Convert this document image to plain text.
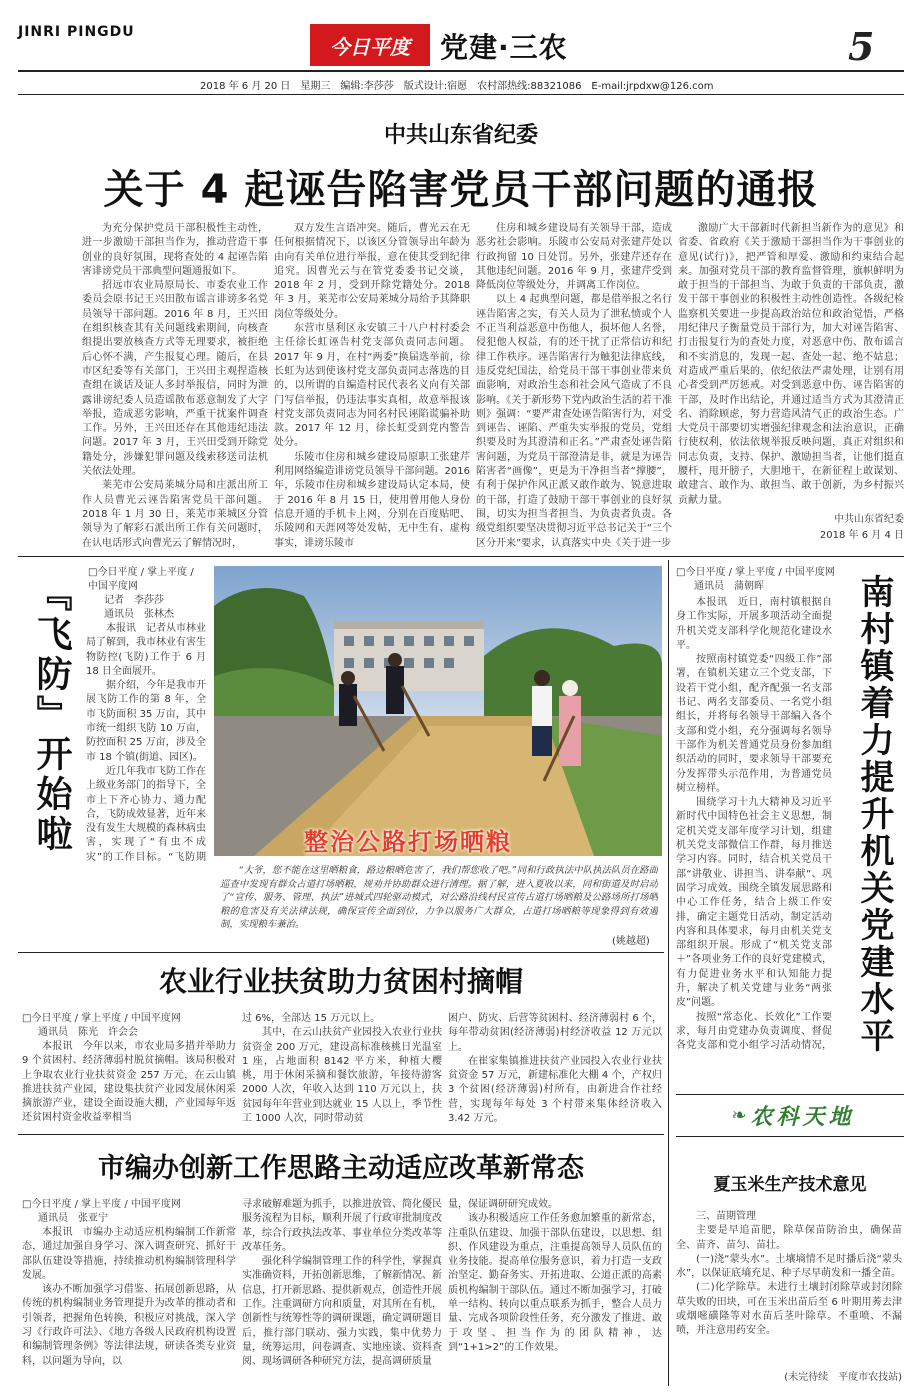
JINRI PINGDU
今日平度 党建·三农	5
2018 年 6 月 20 日　星期三　编辑:李莎莎　版式设计:宿愿　农村部热线:88321086　E-mail:jrpdxw@126.com
中共山东省纪委
关于 4 起诬告陷害党员干部问题的通报

为充分保护党员干部积极性主动性，进一步激励干部担当作为，推动营造干事创业的良好氛围，现将查处的 4 起诬告陷害诽谤党员干部典型问题通报如下。

招远市农业局原局长、市委农业工作委员会原书记王兴田散布谣言诽谤多名党员领导干部问题。2016 年 8 月，王兴田在组织核查其有关问题线索期间，向核查组提出要放核查方式等无理要求，被拒绝后心怀不满，产生报复心理。随后，在县市区纪委等有关部门，王兴田主观捏造核查组在谈话及证人多封举报信，同时为泄露诽谤纪委人员造谣散布恶意制发了大字举报，造成恶劣影响，严重干扰案件调查工作。另外，王兴田还存在其他违纪违法问题。2017 年 3 月，王兴田受到开除党籍处分，涉嫌犯罪问题及线索移送司法机关依法处理。

莱芜市公安局莱城分局和庄派出所工作人员曹光云诬告陷害党员干部问题。2018 年 1 月 30 日，莱芜市莱城区分管领导为了解彩石派出所工作有关问题时，在认电话形式向曹光云了解情况时，

双方发生言语冲突。随后，曹光云在无任何根据情况下，以该区分管领导出年龄为由向有关单位进行举报，意在使其受到纪律追究。因曹光云与在管党委委书记交谈，2018 年 2 月，受到开除党籍处分。2018 年 3 月，莱芜市公安局莱城分局给予其降职岗位等级处分。

东营市垦利区永安镇三十八户村村委会主任徐长虹诬告村党支部负责同志问题。2017 年 9 月，在村“两委”换届选举前，徐长虹为达到使该村党支部负责同志落选的目的，以所谓的自编造村民代表名义向有关部门写信举报，仍违法事实真相，故意举报该村党支部负责同志为同名村民诬陷谎骗补助款。2017 年 12 月，徐长虹受到党内警告处分。

乐陵市住房和城乡建设局原职工张建芹利用网络编造诽谤党员领导干部问题。2016 年，乐陵市住房和城乡建设局认定本局，使于 2016 年 8 月 15 日，使用曾用他人身份信息开通的手机卡上网，分别在百度贴吧、乐陵网和天涯网等处发帖，无中生有、虚构事实，诽谤乐陵市

住房和城乡建设局有关领导干部，造成恶劣社会影响。乐陵市公安局对张建芹处以行政拘留 10 日处罚。另外，张建芹还存在其他违纪问题。2016 年 9 月，张建芹受到降低岗位等级处分，并调离工作岗位。

以上 4 起典型问题，都是借举报之名行诬告陷害之实，有关人员为了泄私愤或个人不正当利益恶意中伤他人，损坏他人名誉，侵犯他人权益，有的还干扰了正常信访和纪律工作秩序。诬告陷害行为触犯法律底线，违反党纪国法，给党员干部干事创业带来负面影响，对政治生态和社会风气造成了不良影响。《关于新形势下党内政治生活的若干准则》强调：“要严肃查处诬告陷害行为，对受到诬告、诬陷、严重失实举报的党员，党组织要及时为其澄清和正名。”严肃查处诬告陷害问题，为党员干部澄清是非，就是为诬告陷害者“画像”，更是为干净担当者“撑腰”，有利于保护作风正派又敢作敢为、锐意进取的干部，打造了鼓励干部干事创业的良好氛围，切实为担当者担当、为负责者负责。各级党组织要坚决贯彻习近平总书记关于“三个区分开来”要求，认真落实中央《关于进一步

激励广大干部新时代新担当新作为的意见》和省委、省政府《关于激励干部担当作为干事创业的意见(试行)》，把严管和厚爱、激励和约束结合起来。加强对党员干部的教育监督管理，旗帜鲜明为敢于担当的干部担当、为敢于负责的干部负责，激发干部干事创业的积极性主动性创造性。各级纪检监察机关要进一步提高政治站位和政治觉悟，严格用纪律尺子衡量党员干部行为，加大对诬告陷害、打击报复行为的查处力度，对恶意中伤、散布谣言和不实消息的，发现一起、查处一起、绝不姑息；对造成严重后果的，依纪依法严肃处理，让别有用心者受到严厉惩戒。对受到恶意中伤、诬告陷害的干部，及时作出结论，并通过适当方式为其澄清正名、消除顾虑，努力营造风清气正的政治生态。广大党员干部要切实增强纪律观念和法治意识，正确行使权利，依法依规举报反映问题，真正对组织和同志负责，支持、保护、激励担当者，让他们挺直腰杆，甩开膀子，大胆地干，在新征程上敢谋划、敢建言、敢作为、敢担当、敢于创新，为乡村振兴贡献力量。

中共山东省纪委
2018 年 6 月 4 日
『飞防』开始啦
□今日平度 / 掌上平度 / 中国平度网
记者　李莎莎
通讯员　张林杰

本报讯　记者从市林业局了解到，我市林业有害生物防控(飞防)工作于 6 月 18 日全面展开。

据介绍，今年是我市开展飞防工作的第 8 年，全市飞防面积 35 万亩，其中市统一组织飞防 10 万亩，防控面积 25 万亩，涉及全市 18 个镇(街道、园区)。

近几年我市飞防工作在上级业务部门的指导下，全市上下齐心协力、通力配合，飞防成效显著，近年来没有发生大规模的森林病虫害，实现了“有虫不成灾”的工作目标。“飞防期

整治公路打场晒粮
“大爷，您不能在这里晒粮食，路边粮晒危害了，我们帮您收了吧。”同和行政执法中队执法队员在路面巡查中发现有群众占道打场晒粮，规劝并协助群众进行清理。据了解，进入夏收以来，同和街道及时启动了“宣传、服务、管理、执法”进城式四轮驱动模式，对公路沿线村民宣传占道打场晒粮及公路场所打场晒粮的危害及有关法律法规，确保宣传全面到位，力争以服务广大群众，占道打场晒粮等现象得到有效遏制，实现粮车兼治。
(姚越超)
□今日平度 / 掌上平度 / 中国平度网
通讯员　蒲朝晖

本报讯　近日，南村镇根据自身工作实际，开展多项活动全面提升机关党支部科学化规范化建设水平。

按照南村镇党委“四级工作”部署，在镇机关建立三个党支部，下设若干党小组，配齐配强一名支部书记、两名支部委员、一名党小组组长，并将每名领导干部编入各个支部和党小组，充分强调每名领导干部作为机关普通党员身份参加组织活动的同时，要求领导干部要充分发挥带头示范作用，为普通党员树立榜样。

围绕学习十九大精神及习近平新时代中国特色社会主义思想，制定机关党支部年度学习计划，组建机关党支部微信工作群，每月推送学习内容。同时，结合机关党员干部“讲敬业、讲担当、讲奉献”、巩固学习成效。围绕全镇发展思路和中心工作任务，结合上级工作安排，确定主题党日活动，制定活动内容和具体要求，每月由机关党支部组织开展。形成了“机关党支部＋”各项业务工作的良好党建模式，有力促进业务水平和认知能力提升，解决了机关党建与业务“两张皮”问题。

按照“常态化、长效化”工作要求，每月由党建办负责调度、督促各党支部和党小组学习活动情况， 南村镇着力提升机关党建水平
农业行业扶贫助力贫困村摘帽
□今日平度 / 掌上平度 / 中国平度网
通讯员　陈光　许会会

本报讯　今年以来，市农业局多措并举助力 9 个贫困村、经济薄弱村脱贫摘帽。该局积极对上争取农业行业扶贫资金 257 万元，在云山镇推进扶贫产业园，建设集扶贫产业园发展休闲采摘旅游产业，建设全面设施大棚，产业园每年返还贫困村资金收益率相当

过 6%，全部达 15 万元以上。

其中，在云山扶贫产业园投入农业行业扶贫资金 200 万元，建设高标准核桃日光温室 1 座，占地面积 8142 平方米，种植大樱桃，用于休闲采摘和餐饮旅游，年接待游客 2000 人次，年收入达到 110 万元以上，扶贫园每年年营业到达就业 15 人以上，季节性工 1000 人次，同时带动贫

困户、防灾、后营等贫困村、经济薄弱村 6 个，每年带动贫困(经济薄弱)村经济收益 12 万元以上。

在崔家集镇推进扶贫产业园投入农业行业扶贫资金 57 万元，新建标准化大棚 4 个，产权归 3 个贫困(经济薄弱)村所有，由新进合作社经营，实现每年每处 3 个村带来集体经济收入 3.42 万元。

市编办创新工作思路主动适应改革新常态
□今日平度 / 掌上平度 / 中国平度网
通讯员　张亚宁

本报讯　市编办主动适应机构编制工作新常态，通过加强自身学习、深入调查研究、抓好干部队伍建设等措施，持续推动机构编制管理科学发展。

该办不断加强学习借鉴、拓展创新思路，从传统的机构编制业务管理提升为改革的推动者和引领者，把握角色转换，积极应对挑战，深入学习《行政许可法》、《地方各级人民政府机构设置和编制管理条例》等法律法规，研读各类专业资料，以问题为导向，以

寻求破解难题为抓手，以推进放管、简化優民服务流程为目标，顺利开展了行政审批制度改革，综合行政执法改革、事业单位分类改革等改革任务。

强化科学编制管理工作的科学性，掌握真实准确资料，开拓创新思维，了解新情况、新信息，打开新思路、提供新观点，创造性开展工作。注重调研方向和质量，对其所在有机，创新性与统筹性等的调研课题，确定调研题目后，推行部门联动、强力实践，集中优势力量，统筹运用，问卷调查、实地座谈、资料查阅、现场调研各种研究方法，提高调研质量

量，保证调研研究成效。

该办积极适应工作任务愈加繁重的新常态，注重队伍建设、加强干部队伍建设，以思想、组织、作风建设为重点，注重提高领导人员队伍的业务技能。提高单位服务意识，着力打造一支政治坚定、勤奋务实、开拓进取、公道正派的高素质机构编制干部队伍。通过不断加强学习，打破单一结构、转向以重点联系为抓手，整合人员力量、完成各项阶段性任务，充分激发了推进、敢于攻坚、担当作为的团队精神，达到“1+1>2”的工作效果。

❧ 农科天地
夏玉米生产技术意见

三、苗期管理

主要是早追苗肥，除草保苗防治虫，确保苗全、苗齐、苗匀、苗壮。

(一)浇“蒙头水”。土壤墒情不足时播后浇“蒙头水”，以保证底墒充足、种子尽早萌发和一播全苗。

(二)化学除草。未进行土壤封闭除草或封闭除草失败的田块，可在玉米出苗后至 6 叶期用莠去津或烟嘧磺隆等对水苗后茎叶除草。不重喷、不漏喷，并注意用药安全。

(未完待续　平度市农技站)
